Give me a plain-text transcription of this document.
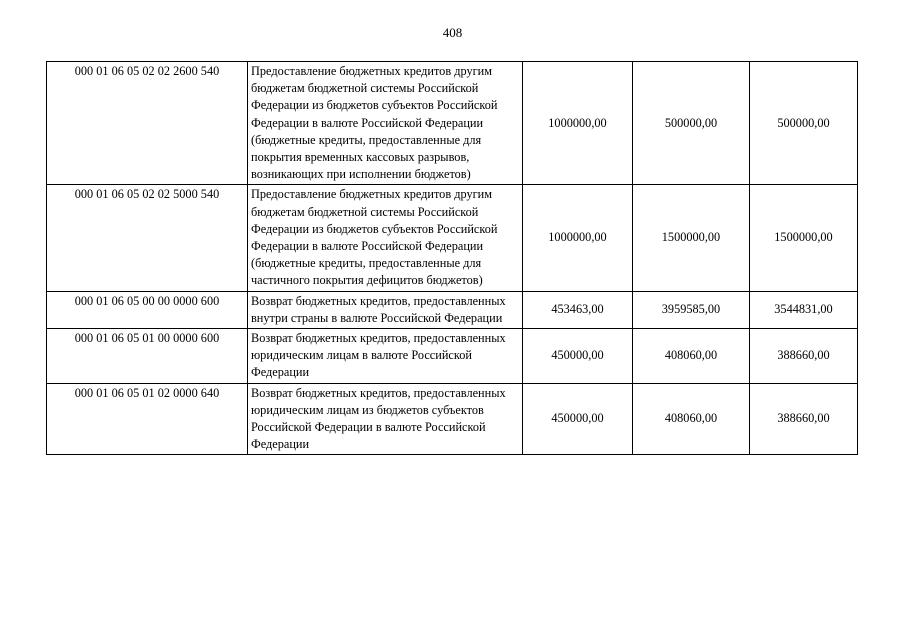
408
000 01 06 05 02 02 2600 540	Предоставление бюджетных кредитов другим бюджетам бюджетной системы Российской Федерации из бюджетов субъектов Российской Федерации в валюте Российской Федерации (бюджетные кредиты, предоставленные для покрытия временных кассовых разрывов, возникающих при исполнении бюджетов)	1000000,00	500000,00	500000,00
000 01 06 05 02 02 5000 540	Предоставление бюджетных кредитов другим бюджетам бюджетной системы Российской Федерации из бюджетов субъектов Российской Федерации в валюте Российской Федерации (бюджетные кредиты, предоставленные для частичного покрытия дефицитов бюджетов)	1000000,00	1500000,00	1500000,00
000 01 06 05 00 00 0000 600	Возврат бюджетных кредитов, предоставленных внутри страны в валюте Российской Федерации	453463,00	3959585,00	3544831,00
000 01 06 05 01 00 0000 600	Возврат бюджетных кредитов, предоставленных юридическим лицам в валюте Российской Федерации	450000,00	408060,00	388660,00
000 01 06 05 01 02 0000 640	Возврат бюджетных кредитов, предоставленных юридическим лицам из бюджетов субъектов Российской Федерации в валюте Российской Федерации	450000,00	408060,00	388660,00
